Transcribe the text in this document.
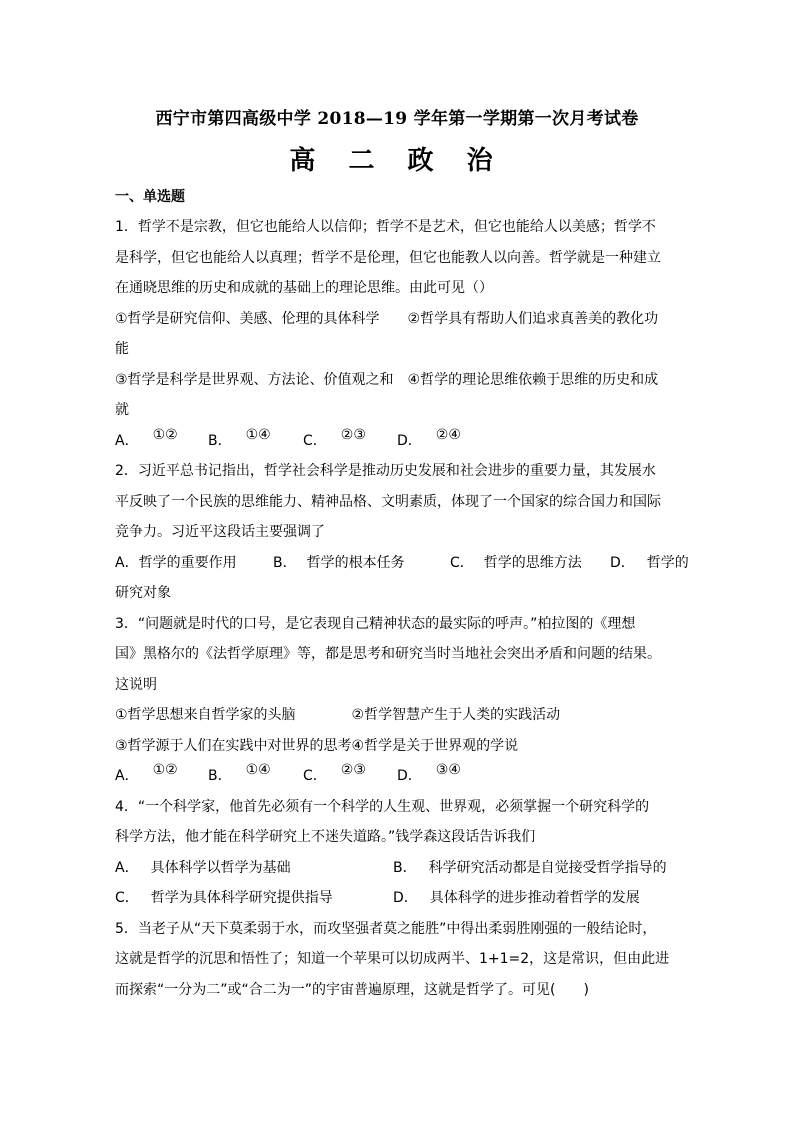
西宁市第四高级中学 2018—19 学年第一学期第一次月考试卷
高 二 政 治
一、单选题
1．哲学不是宗教，但它也能给人以信仰；哲学不是艺术，但它也能给人以美感；哲学不
是科学，但它也能给人以真理；哲学不是伦理，但它也能教人以向善。哲学就是一种建立
在通晓思维的历史和成就的基础上的理论思维。由此可见（）
①哲学是研究信仰、美感、伦理的具体科学　　②哲学具有帮助人们追求真善美的教化功
能
③哲学是科学是世界观、方法论、价值观之和　④哲学的理论思维依赖于思维的历史和成
就
A． ①② B． ①④ C． ②③ D． ②④
2．习近平总书记指出，哲学社会科学是推动历史发展和社会进步的重要力量，其发展水
平反映了一个民族的思维能力、精神品格、文明素质，体现了一个国家的综合国力和国际
竞争力。习近平这段话主要强调了
A．哲学的重要作用	B． 哲学的根本任务	C． 哲学的思维方法 D． 哲学的
研究对象
3．“问题就是时代的口号，是它表现自己精神状态的最实际的呼声。”柏拉图的《理想
国》黑格尔的《法哲学原理》等，都是思考和研究当时当地社会突出矛盾和问题的结果。
这说明
①哲学思想来自哲学家的头脑　　　　②哲学智慧产生于人类的实践活动
③哲学源于人们在实践中对世界的思考④哲学是关于世界观的学说
A． ①② B． ①④ C． ②③ D． ③④
4．“一个科学家，他首先必须有一个科学的人生观、世界观，必须掌握一个研究科学的
科学方法，他才能在科学研究上不迷失道路。”钱学森这段话告诉我们
A． 具体科学以哲学为基础	B． 科学研究活动都是自觉接受哲学指导的
C． 哲学为具体科学研究提供指导	D． 具体科学的进步推动着哲学的发展
5．当老子从“天下莫柔弱于水，而攻坚强者莫之能胜”中得出柔弱胜刚强的一般结论时，
这就是哲学的沉思和悟性了；知道一个苹果可以切成两半、1+1=2，这是常识，但由此进
而探索“一分为二”或“合二为一”的宇宙普遍原理，这就是哲学了。可见(　　)
